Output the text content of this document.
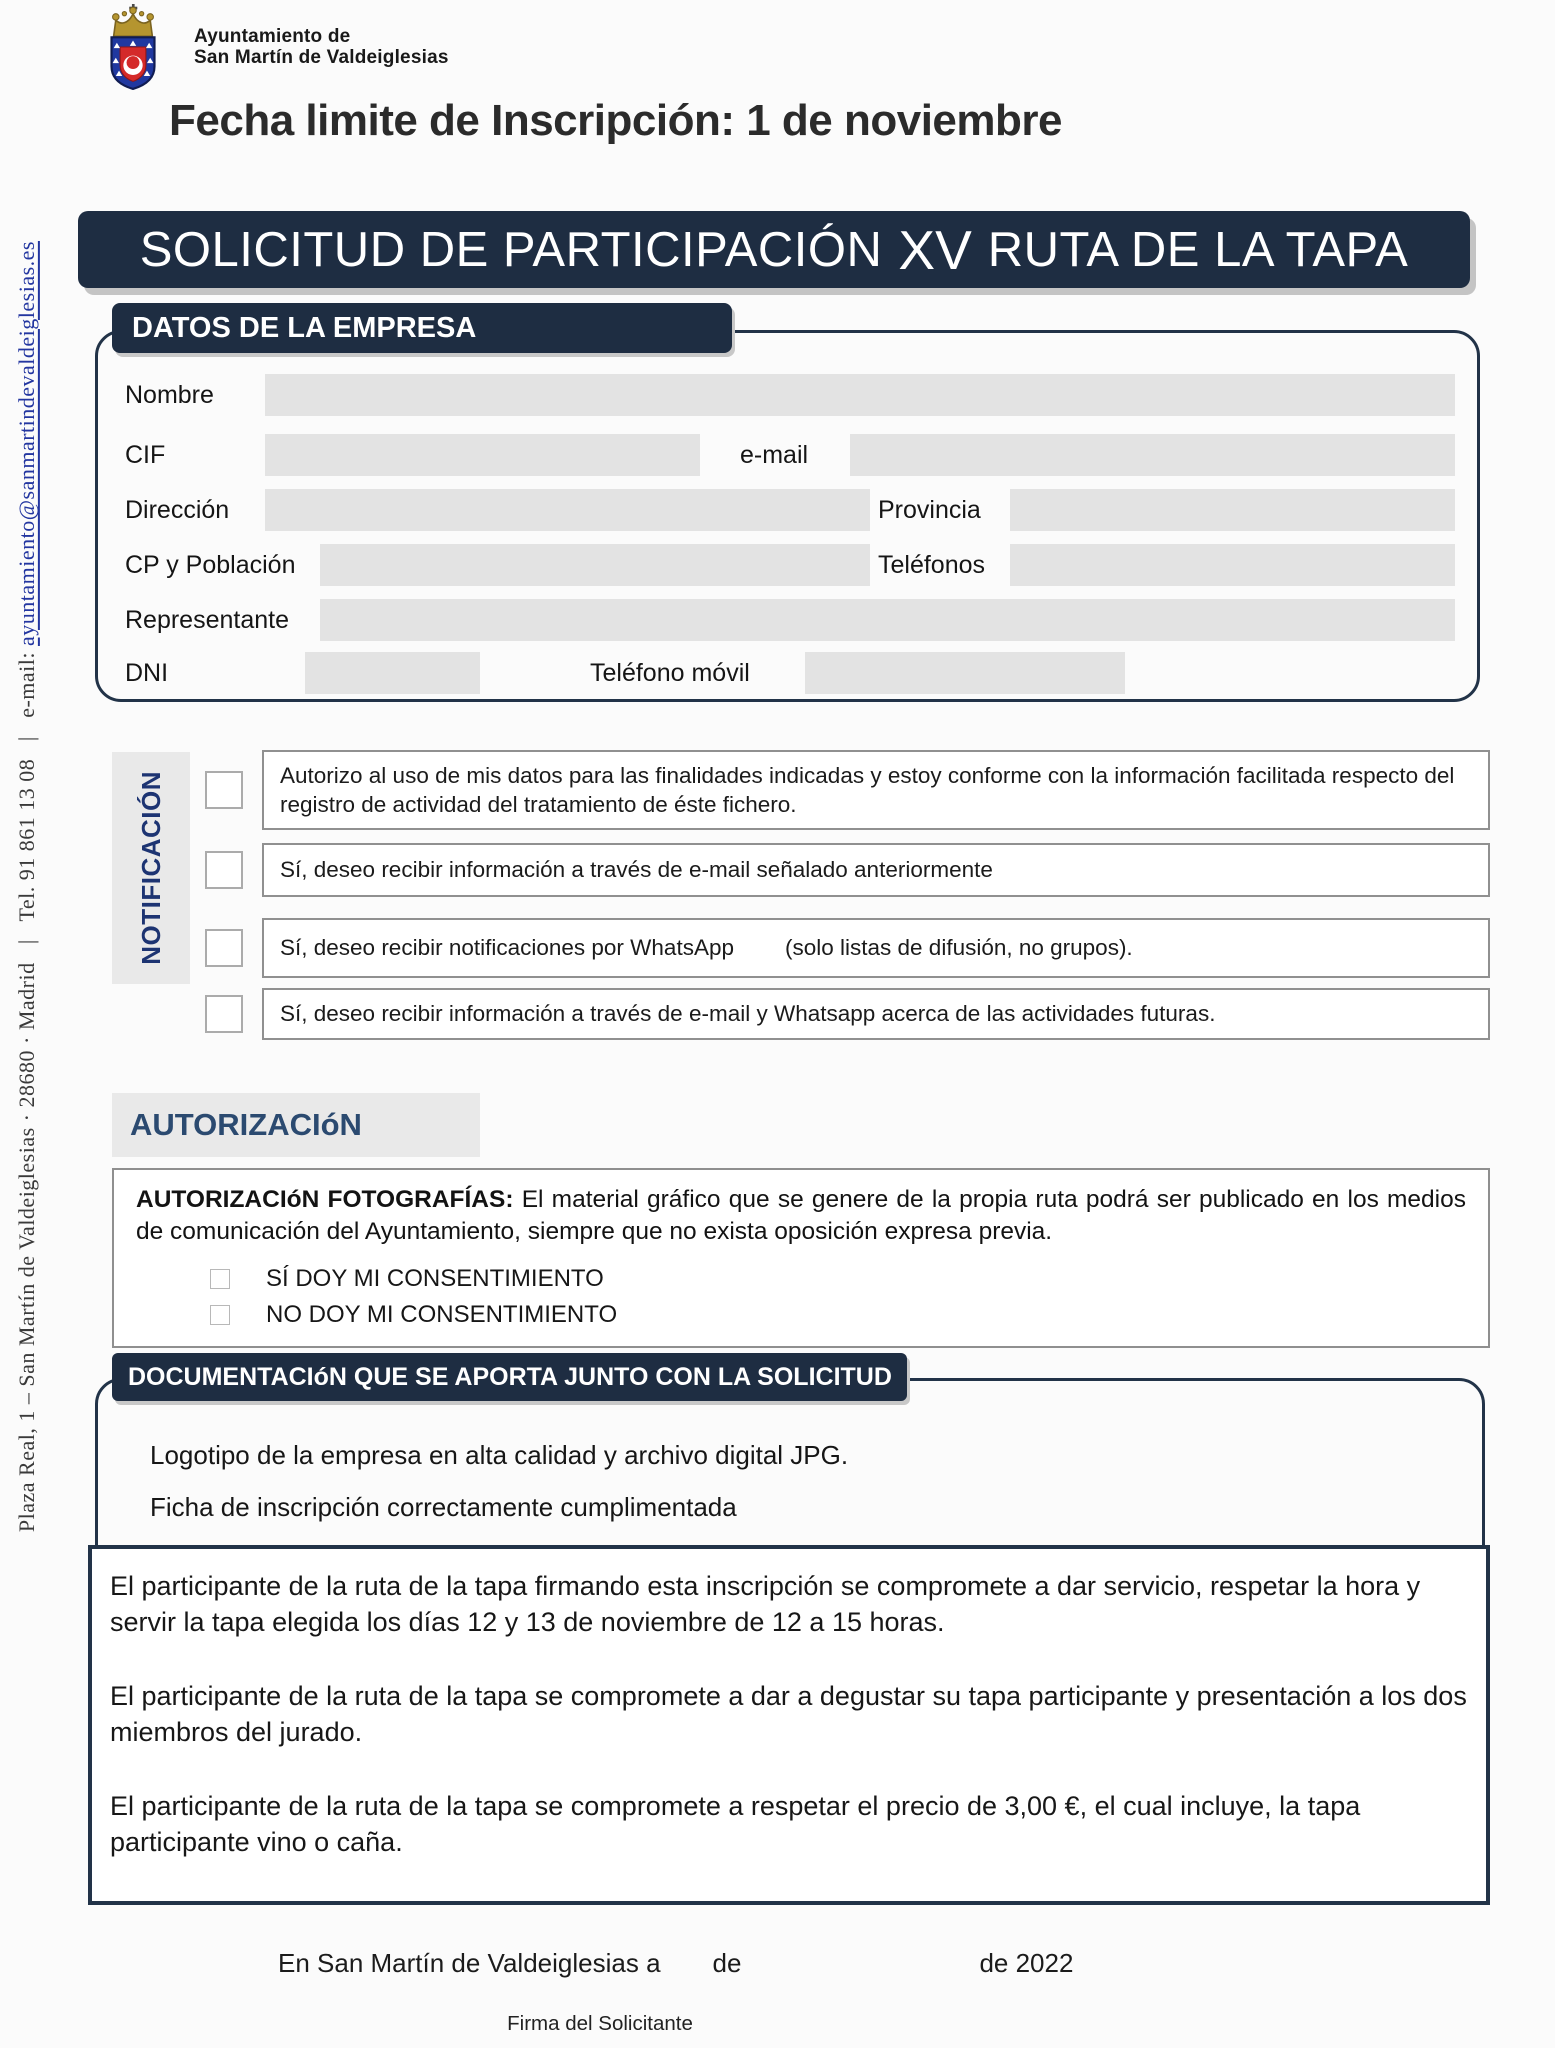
Ayuntamiento de
San Martín de Valdeiglesias
Fecha limite de Inscripción: 1 de noviembre
SOLICITUD DE PARTICIPACIÓN XV RUTA DE LA TAPA
Plaza Real, 1 – San Martín de Valdeiglesias · 28680 · Madrid | Tel. 91 861 13 08 | e-mail: ayuntamiento@sanmartindevaldeiglesias.es	DATOS DE LA EMPRESA
Nombre
CIF	e-mail
Dirección	Provincia
CP y Población	Teléfonos
Representante
DNI	Teléfono móvil
NOTIFICACIÓN	Autorizo al uso de mis datos para las finalidades indicadas y estoy conforme con la información facilitada respecto del registro de actividad del tratamiento de éste fichero.
Sí, deseo recibir información a través de e-mail señalado anteriormente
Sí, deseo recibir notificaciones por WhatsApp	(solo listas de difusión, no grupos).
Sí, deseo recibir información a través de e-mail y Whatsapp acerca de las actividades futuras.
AUTORIZACIóN
AUTORIZACIóN FOTOGRAFÍAS: El material gráfico que se genere de la propia ruta podrá ser publicado en los medios de comunicación del Ayuntamiento, siempre que no exista oposición expresa previa.
SÍ DOY MI CONSENTIMIENTO
NO DOY MI CONSENTIMIENTO
DOCUMENTACIóN QUE SE APORTA JUNTO CON LA SOLICITUD
Logotipo de la empresa en alta calidad y archivo digital JPG.
Ficha de inscripción correctamente cumplimentada

El participante de la ruta de la tapa firmando esta inscripción se compromete a dar servicio, respetar la hora y servir la tapa elegida los días 12 y 13 de noviembre de 12 a 15 horas.

El participante de la ruta de la tapa se compromete a dar a degustar su tapa participante y presentación a los dos miembros del jurado.

El participante de la ruta de la tapa se compromete a respetar el precio de 3,00 €, el cual incluye, la tapa participante vino o caña.

En San Martín de Valdeiglesias a de	de 2022
Firma del Solicitante
